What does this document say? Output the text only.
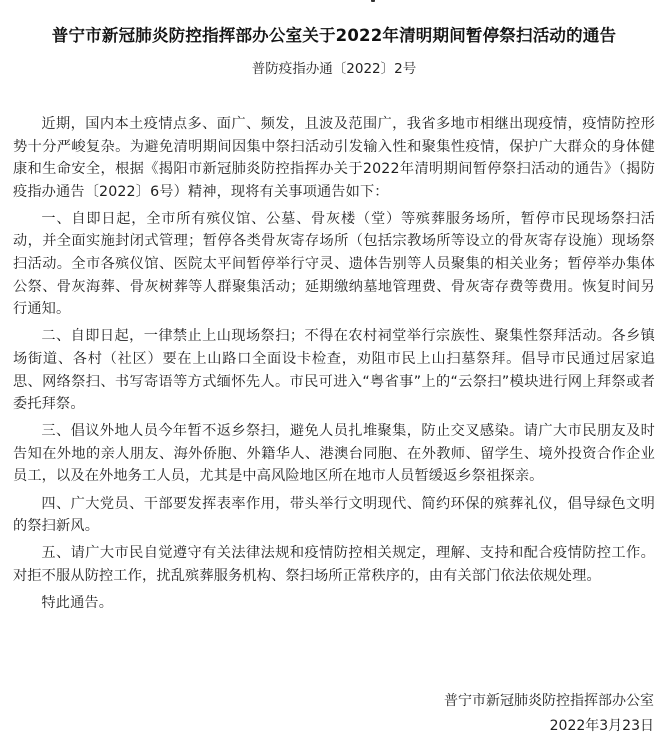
普宁市新冠肺炎防控指挥部办公室关于2022年清明期间暂停祭扫活动的通告
普防疫指办通〔2022〕2号

近期，国内本土疫情点多、面广、频发，且波及范围广，我省多地市相继出现疫情，疫情防控形势十分严峻复杂。为避免清明期间因集中祭扫活动引发输入性和聚集性疫情，保护广大群众的身体健康和生命安全，根据《揭阳市新冠肺炎防控指挥办关于2022年清明期间暂停祭扫活动的通告》（揭防疫指办通告〔2022〕6号）精神，现将有关事项通告如下：

一、自即日起，全市所有殡仪馆、公墓、骨灰楼（堂）等殡葬服务场所，暂停市民现场祭扫活动，并全面实施封闭式管理；暂停各类骨灰寄存场所（包括宗教场所等设立的骨灰寄存设施）现场祭扫活动。全市各殡仪馆、医院太平间暂停举行守灵、遗体告别等人员聚集的相关业务；暂停举办集体公祭、骨灰海葬、骨灰树葬等人群聚集活动；延期缴纳墓地管理费、骨灰寄存费等费用。恢复时间另行通知。

二、自即日起，一律禁止上山现场祭扫；不得在农村祠堂举行宗族性、聚集性祭拜活动。各乡镇场街道、各村（社区）要在上山路口全面设卡检查，劝阻市民上山扫墓祭拜。倡导市民通过居家追思、网络祭扫、书写寄语等方式缅怀先人。市民可进入“粤省事”上的“云祭扫”模块进行网上拜祭或者委托拜祭。

三、倡议外地人员今年暂不返乡祭扫，避免人员扎堆聚集，防止交叉感染。请广大市民朋友及时告知在外地的亲人朋友、海外侨胞、外籍华人、港澳台同胞、在外教师、留学生、境外投资合作企业员工，以及在外地务工人员，尤其是中高风险地区所在地市人员暂缓返乡祭祖探亲。

四、广大党员、干部要发挥表率作用，带头举行文明现代、简约环保的殡葬礼仪，倡导绿色文明的祭扫新风。

五、请广大市民自觉遵守有关法律法规和疫情防控相关规定，理解、支持和配合疫情防控工作。对拒不服从防控工作，扰乱殡葬服务机构、祭扫场所正常秩序的，由有关部门依法依规处理。

特此通告。

普宁市新冠肺炎防控指挥部办公室
2022年3月23日
